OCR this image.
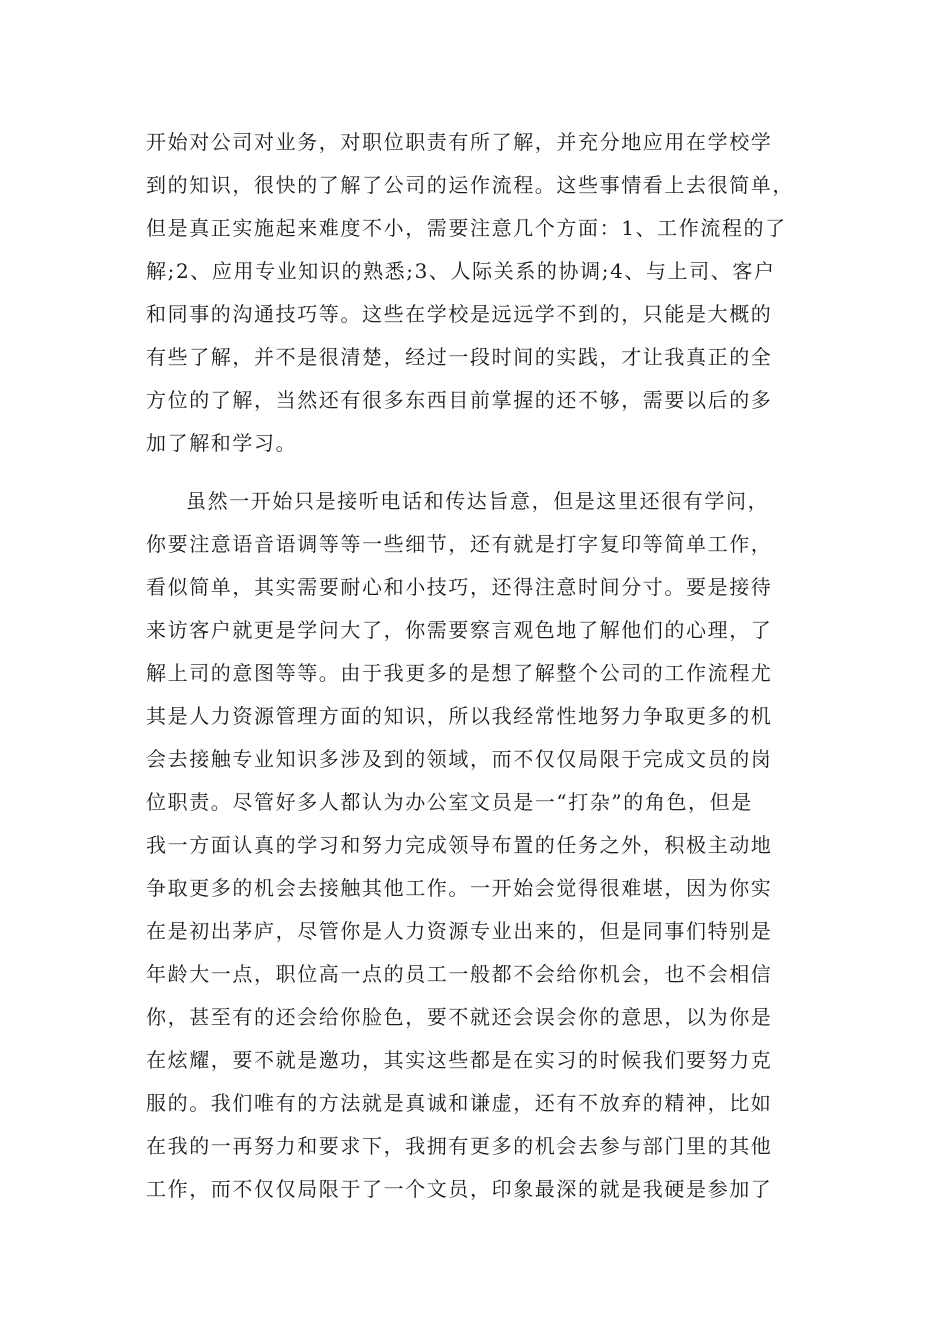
开始对公司对业务，对职位职责有所了解，并充分地应用在学校学
到的知识，很快的了解了公司的运作流程。这些事情看上去很简单，
但是真正实施起来难度不小，需要注意几个方面：1、工作流程的了
解;2、应用专业知识的熟悉;3、人际关系的协调;4、与上司、客户
和同事的沟通技巧等。这些在学校是远远学不到的，只能是大概的
有些了解，并不是很清楚，经过一段时间的实践，才让我真正的全
方位的了解，当然还有很多东西目前掌握的还不够，需要以后的多
加了解和学习。
虽然一开始只是接听电话和传达旨意，但是这里还很有学问，
你要注意语音语调等等一些细节，还有就是打字复印等简单工作，
看似简单，其实需要耐心和小技巧，还得注意时间分寸。要是接待
来访客户就更是学问大了，你需要察言观色地了解他们的心理，了
解上司的意图等等。由于我更多的是想了解整个公司的工作流程尤
其是人力资源管理方面的知识，所以我经常性地努力争取更多的机
会去接触专业知识多涉及到的领域，而不仅仅局限于完成文员的岗
位职责。尽管好多人都认为办公室文员是一“打杂”的角色，但是
我一方面认真的学习和努力完成领导布置的任务之外，积极主动地
争取更多的机会去接触其他工作。一开始会觉得很难堪，因为你实
在是初出茅庐，尽管你是人力资源专业出来的，但是同事们特别是
年龄大一点，职位高一点的员工一般都不会给你机会，也不会相信
你，甚至有的还会给你脸色，要不就还会误会你的意思，以为你是
在炫耀，要不就是邀功，其实这些都是在实习的时候我们要努力克
服的。我们唯有的方法就是真诚和谦虚，还有不放弃的精神，比如
在我的一再努力和要求下，我拥有更多的机会去参与部门里的其他
工作，而不仅仅局限于了一个文员，印象最深的就是我硬是参加了
